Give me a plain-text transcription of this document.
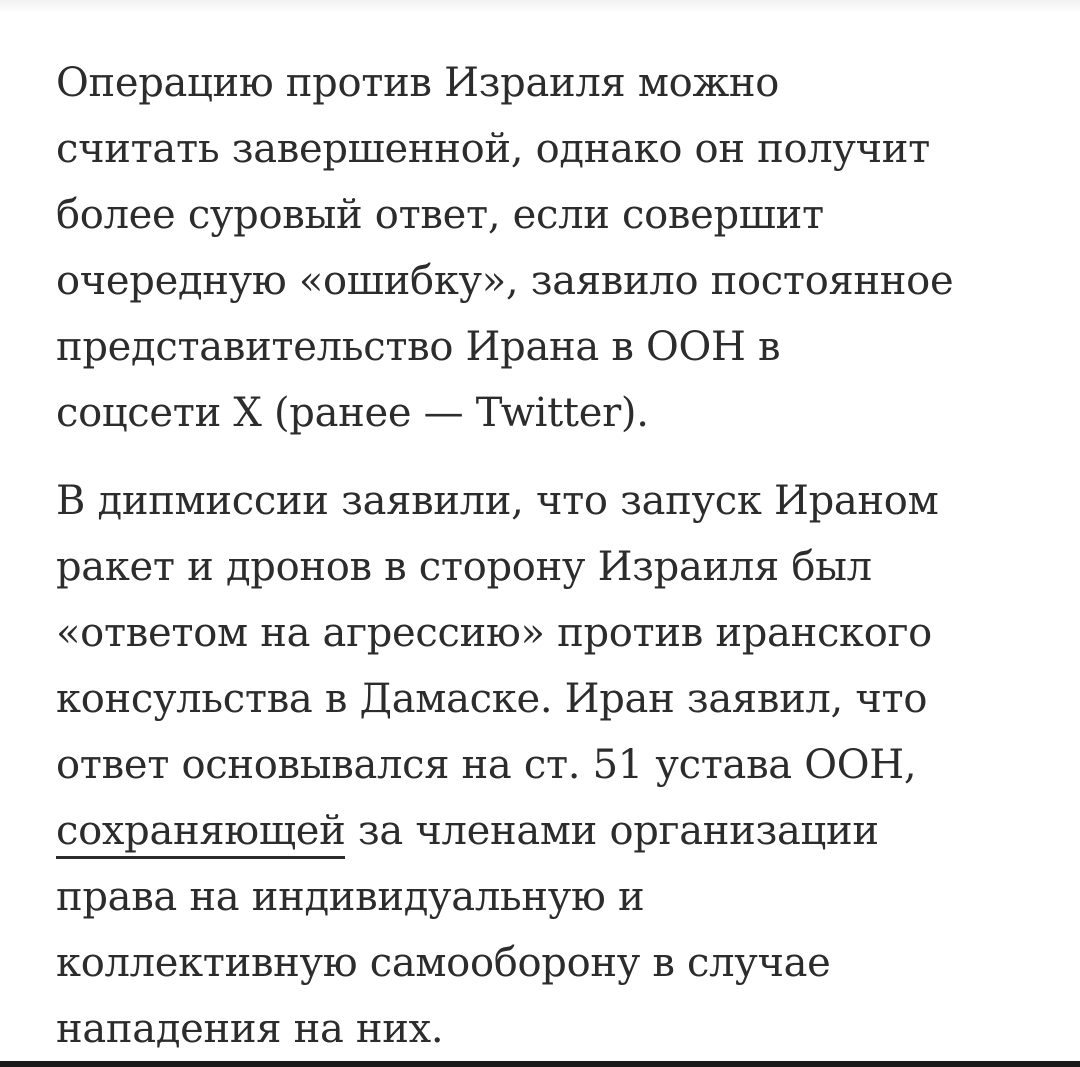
Операцию против Израиля можно
считать завершенной, однако он получит
более суровый ответ, если совершит
очередную «ошибку», заявило постоянное
представительство Ирана в ООН в
соцсети X (ранее — Twitter).

В дипмиссии заявили, что запуск Ираном
ракет и дронов в сторону Израиля был
«ответом на агрессию» против иранского
консульства в Дамаске. Иран заявил, что
ответ основывался на ст. 51 устава ООН,
сохраняющей за членами организации
права на индивидуальную и
коллективную самооборону в случае
нападения на них.
